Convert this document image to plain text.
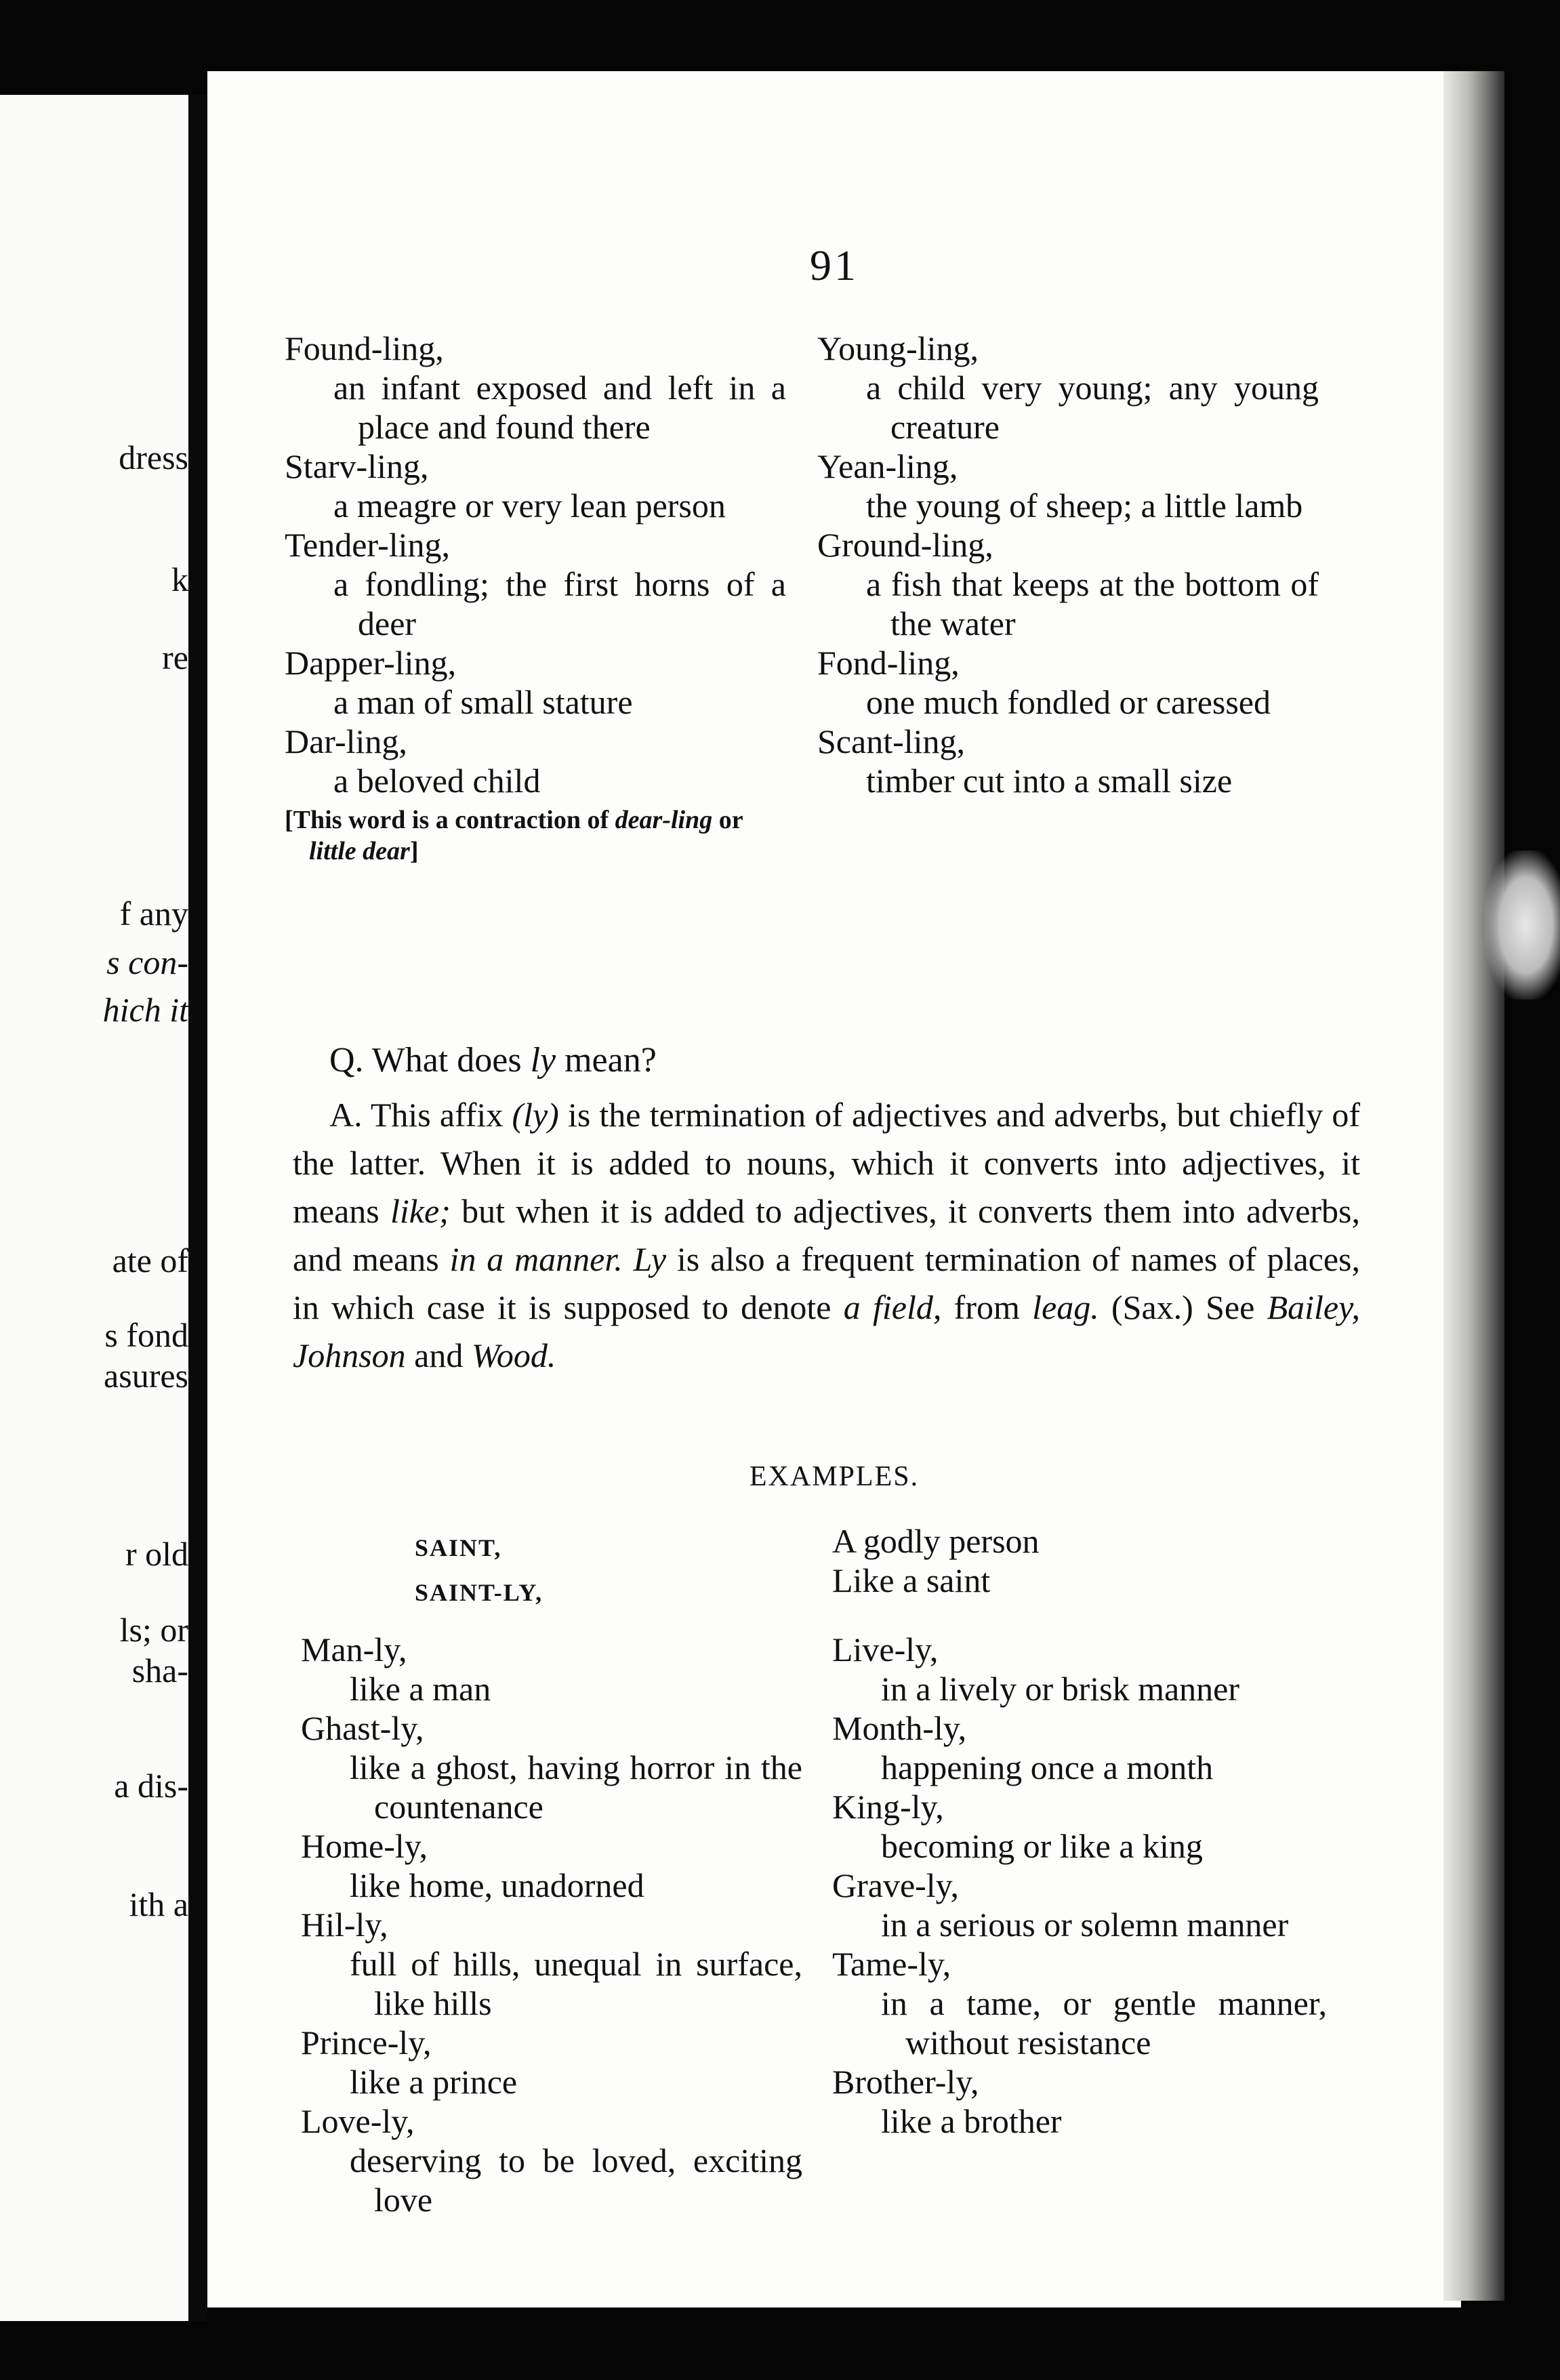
dress
k
re
f any
s con-
hich it
ate of
s fond
asures
r old
ls; or
sha-
a dis-
ith a
91
Found-ling,
an infant exposed and left in a place and found there
Starv-ling,
a meagre or very lean person
Tender-ling,
a fondling; the first horns of a deer
Dapper-ling,
a man of small stature
Dar-ling,
a beloved child
[This word is a contraction of dear-ling or little dear]
Young-ling,
a child very young; any young creature
Yean-ling,
the young of sheep; a little lamb
Ground-ling,
a fish that keeps at the bottom of the water
Fond-ling,
one much fondled or caressed
Scant-ling,
timber cut into a small size
Q. What does ly mean?

A. This affix (ly) is the termination of adjectives and adverbs, but chiefly of the latter. When it is added to nouns, which it converts into adjectives, it means like; but when it is added to adjectives, it converts them into adverbs, and means in a manner. Ly is also a frequent termination of names of places, in which case it is supposed to denote a field, from leag. (Sax.) See Bailey, Johnson and Wood.

EXAMPLES.
SAINT,
SAINT-LY,
A godly person
Like a saint
Man-ly,
like a man
Ghast-ly,
like a ghost, having horror in the countenance
Home-ly,
like home, unadorned
Hil-ly,
full of hills, unequal in surface, like hills
Prince-ly,
like a prince
Love-ly,
deserving to be loved, exciting love
Live-ly,
in a lively or brisk manner
Month-ly,
happening once a month
King-ly,
becoming or like a king
Grave-ly,
in a serious or solemn manner
Tame-ly,
in a tame, or gentle manner, without resistance
Brother-ly,
like a brother
